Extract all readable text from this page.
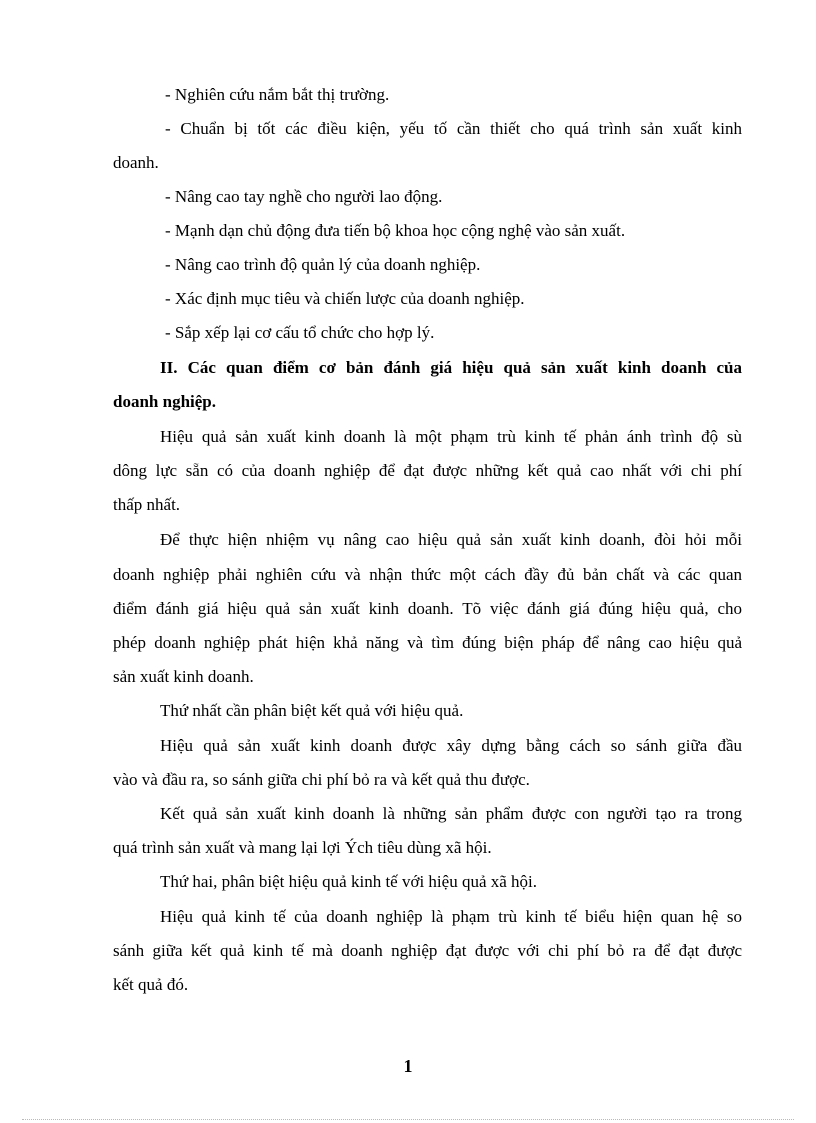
- Nghiên cứu nắm bắt thị trường.
- Chuẩn bị tốt các điều kiện, yếu tố cần thiết cho quá trình sản xuất kinh
doanh.
- Nâng cao tay nghề cho người lao động.
- Mạnh dạn chủ động đưa tiến bộ khoa học cộng nghệ vào sản xuất.
- Nâng cao trình độ quản lý của doanh nghiệp.
- Xác định mục tiêu và chiến lược của doanh nghiệp.
- Sắp xếp lại cơ cấu tổ chức cho hợp lý.
II. Các quan điểm cơ bản đánh giá hiệu quả sản xuất kinh doanh của
doanh nghiệp.
Hiệu quả sản xuất kinh doanh là một phạm trù kinh tế phản ánh trình độ sù
dông lực sẵn có của doanh nghiệp để đạt được những kết quả cao nhất với chi phí
thấp nhất.
Để thực hiện nhiệm vụ nâng cao hiệu quả sản xuất kinh doanh, đòi hỏi mỗi
doanh nghiệp phải nghiên cứu và nhận thức một cách đầy đủ bản chất và các quan
điểm đánh giá hiệu quả sản xuất kinh doanh. Tõ việc đánh giá đúng hiệu quả, cho
phép doanh nghiệp phát hiện khả năng và tìm đúng biện pháp để nâng cao hiệu quả
sản xuất kinh doanh.
Thứ nhất cần phân biệt kết quả với hiệu quả.
Hiệu quả sản xuất kinh doanh được xây dựng bằng cách so sánh giữa đầu
vào và đầu ra, so sánh giữa chi phí bỏ ra và kết quả thu được.
Kết quả sản xuất kinh doanh là những sản phẩm được con người tạo ra trong
quá trình sản xuất và mang lại lợi Ých tiêu dùng xã hội.
Thứ hai, phân biệt hiệu quả kinh tế với hiệu quả xã hội.
Hiệu quả kinh tế của doanh nghiệp là phạm trù kinh tế biểu hiện quan hệ so
sánh giữa kết quả kinh tế mà doanh nghiệp đạt được với chi phí bỏ ra để đạt được
kết quả đó.
1
